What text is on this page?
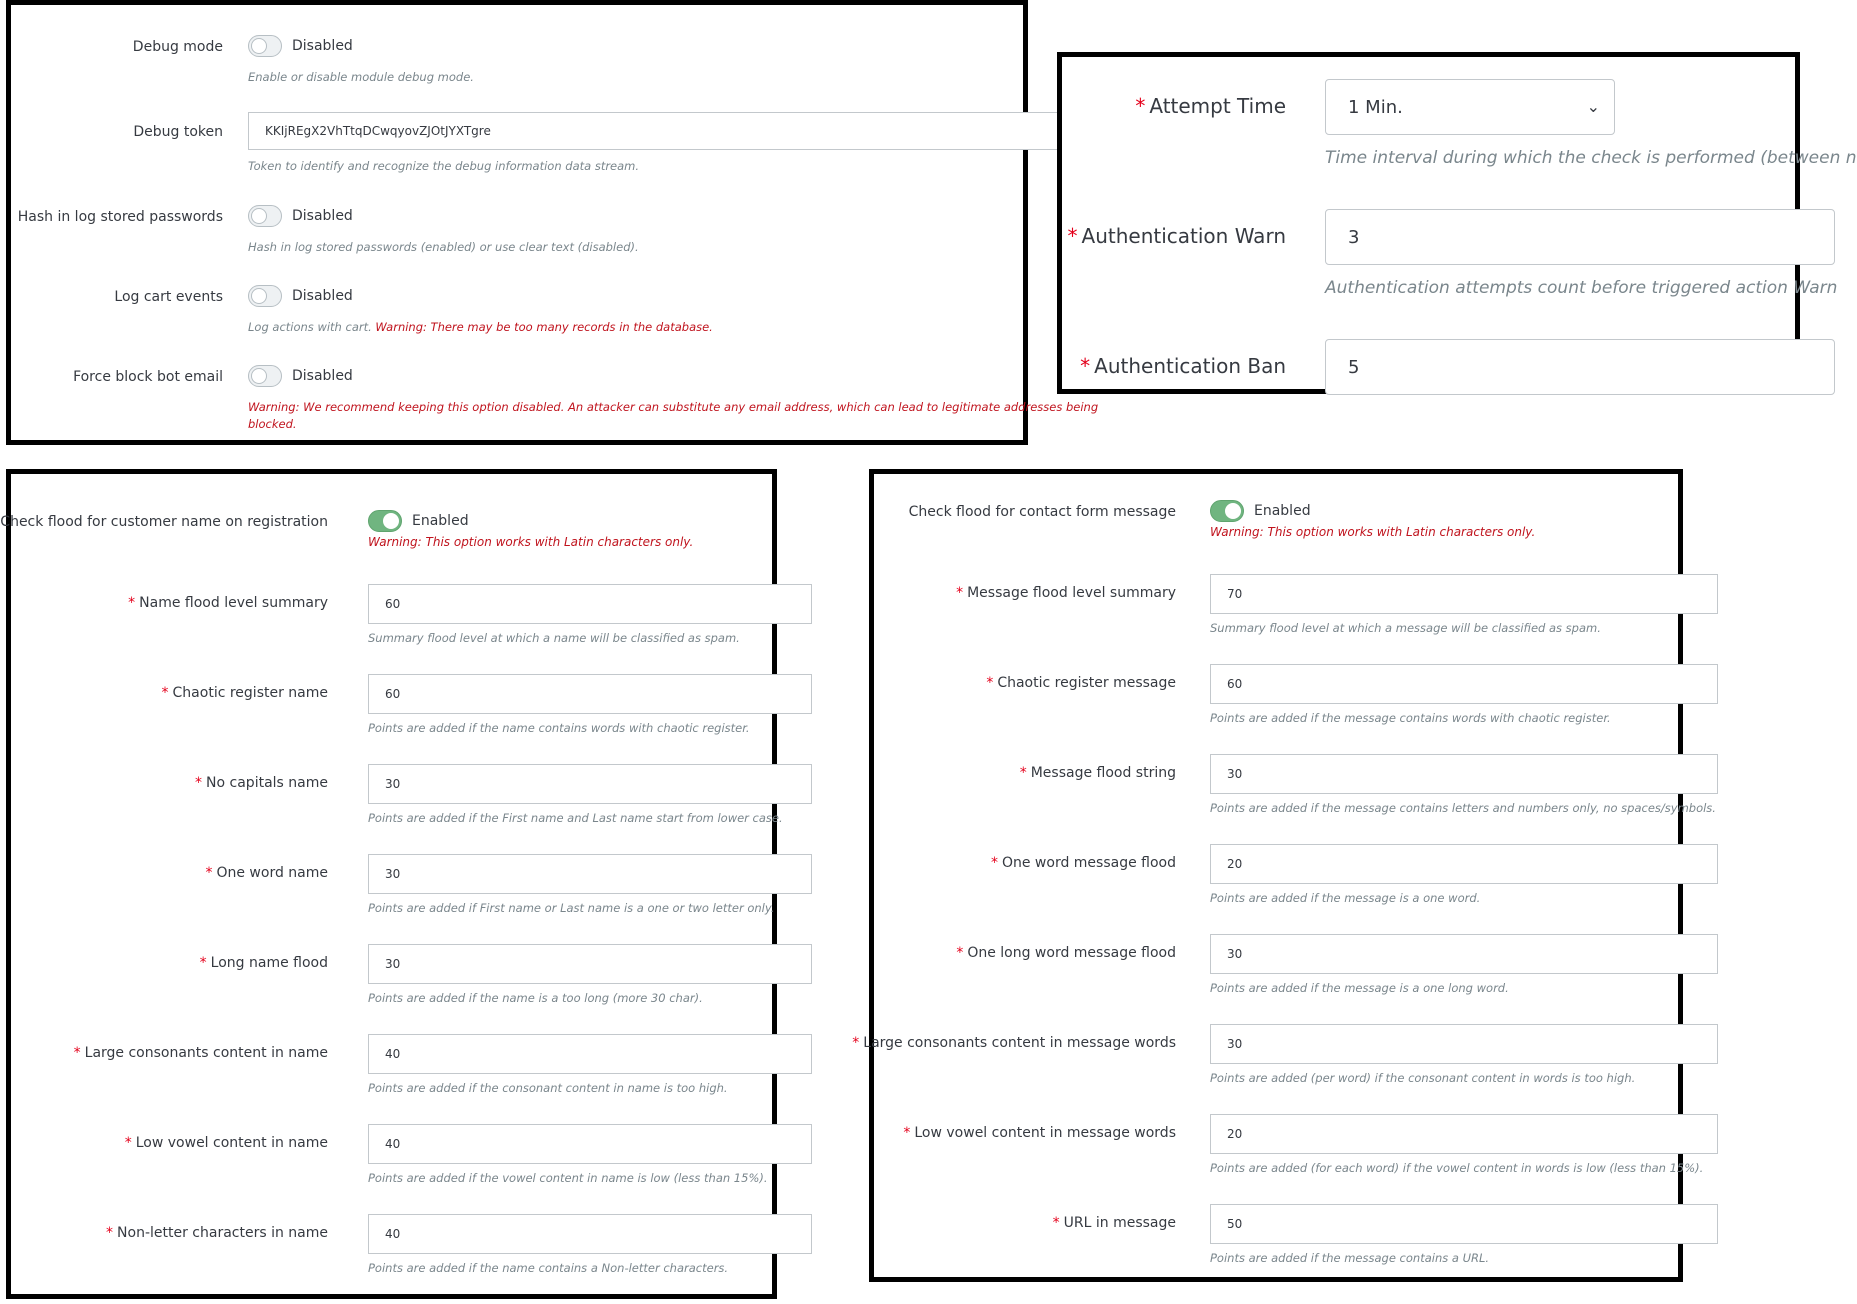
Debug mode	Disabled
Enable or disable module debug mode.
Debug token	KKIjREgX2VhTtqDCwqyovZJOtJYXTgre
Token to identify and recognize the debug information data stream.
Hash in log stored passwords	Disabled
Hash in log stored passwords (enabled) or use clear text (disabled).
Log cart events	Disabled
Log actions with cart. Warning: There may be too many records in the database.
Force block bot email	Disabled
Warning: We recommend keeping this option disabled. An attacker can substitute any email address, which can lead to legitimate addresses being
blocked.
* Attempt Time	1 Min.	⌄
Time interval during which the check is performed (between n
* Authentication Warn	3
Authentication attempts count before triggered action Warn
* Authentication Ban	5
Check flood for customer name on registration	Enabled
Warning: This option works with Latin characters only.
* Name flood level summary	60
Summary flood level at which a name will be classified as spam.
* Chaotic register name	60
Points are added if the name contains words with chaotic register.
* No capitals name	30
Points are added if the First name and Last name start from lower case.
* One word name	30
Points are added if First name or Last name is a one or two letter only.
* Long name flood	30
Points are added if the name is a too long (more 30 char).
* Large consonants content in name	40
Points are added if the consonant content in name is too high.
* Low vowel content in name	40
Points are added if the vowel content in name is low (less than 15%).
* Non-letter characters in name	40
Points are added if the name contains a Non-letter characters.
Check flood for contact form message	Enabled
Warning: This option works with Latin characters only.
* Message flood level summary	70
Summary flood level at which a message will be classified as spam.
* Chaotic register message	60
Points are added if the message contains words with chaotic register.
* Message flood string	30
Points are added if the message contains letters and numbers only, no spaces/symbols.
* One word message flood	20
Points are added if the message is a one word.
* One long word message flood	30
Points are added if the message is a one long word.
* Large consonants content in message words	30
Points are added (per word) if the consonant content in words is too high.
* Low vowel content in message words	20
Points are added (for each word) if the vowel content in words is low (less than 15%).
* URL in message	50
Points are added if the message contains a URL.
